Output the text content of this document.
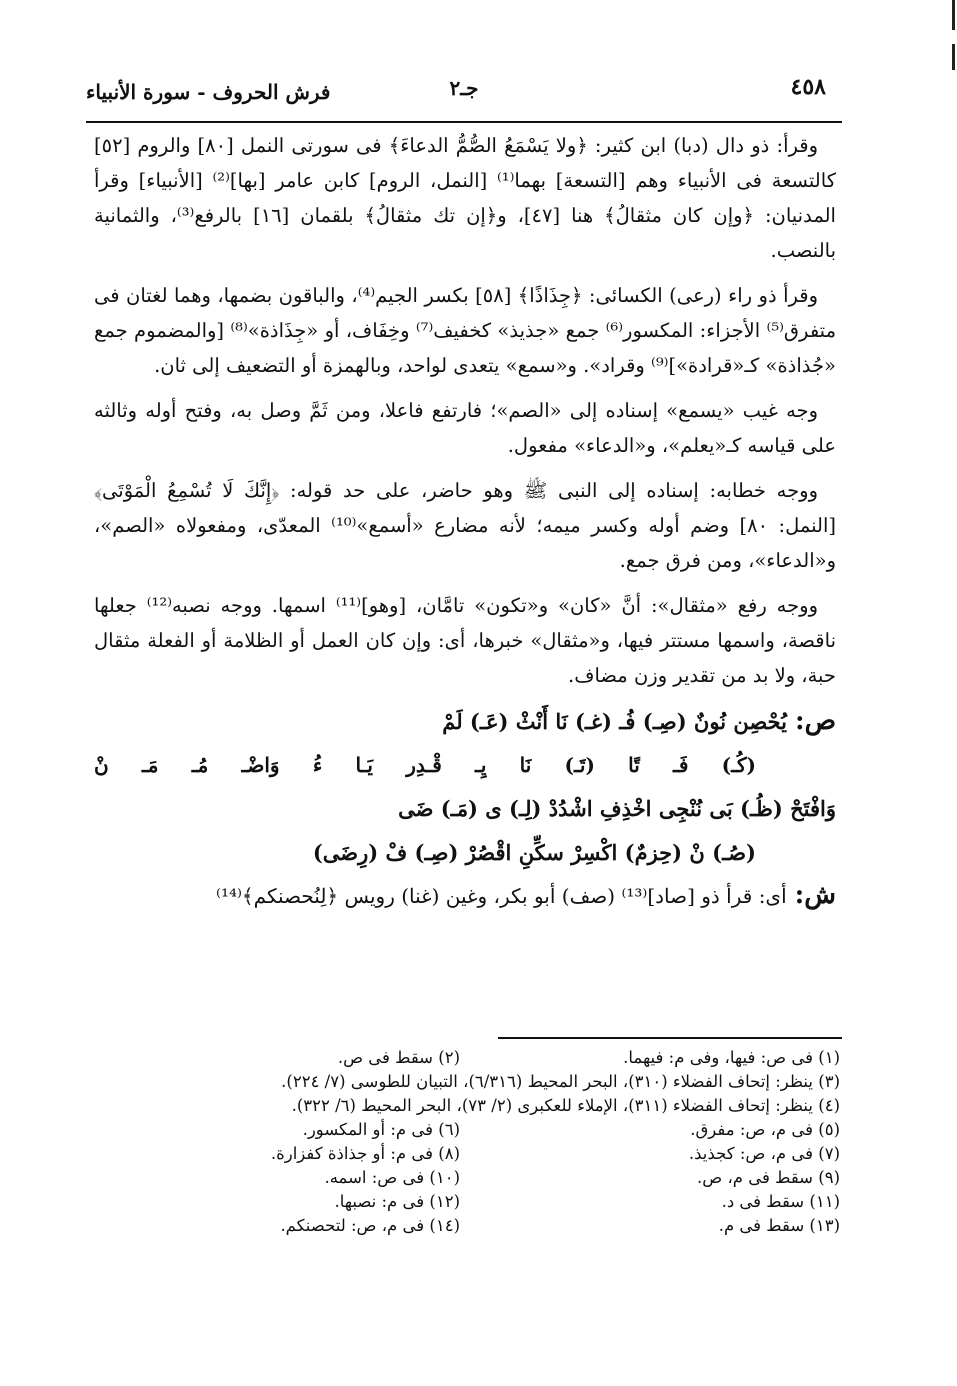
٤٥٨
جـ٢
فرش الحروف - سورة الأنبياء

وقرأ: ذو دال (دبا) ابن كثير: ﴿ولا يَسْمَعُ الصُّمُّ الدعاءَ﴾ فى سورتى النمل [٨٠] والروم [٥٢] كالتسعة فى الأنبياء وهم [التسعة] بهما⁽¹⁾ [النمل، الروم] كابن عامر [بها]⁽²⁾ [الأنبياء] وقرأ المدنيان: ﴿وإن كان مثقالُ﴾ هنا [٤٧]، و﴿إن تك مثقالُ﴾ بلقمان [١٦] بالرفع⁽³⁾، والثمانية بالنصب.

وقرأ ذو راء (رعى) الكسائى: ﴿جِذَاذًا﴾ [٥٨] بكسر الجيم⁽⁴⁾، والباقون بضمها، وهما لغتان فى متفرق⁽⁵⁾ الأجزاء: المكسور⁽⁶⁾ جمع «جذيذ» كخفيف⁽⁷⁾ وخِفَاف، أو «جِذَاذة»⁽⁸⁾ [والمضموم جمع «جُذاذة» كـ«قرادة»]⁽⁹⁾ وقراد». و«سمع» يتعدى لواحد، وبالهمزة أو التضعيف إلى ثان.

وجه غيب «يسمع» إسناده إلى «الصم»؛ فارتفع فاعلا، ومن ثَمَّ وصل به، وفتح أوله وثالثه على قياسه كـ«يعلم»، و«الدعاء» مفعول.

ووجه خطابه: إسناده إلى النبى ﷺ وهو حاضر، على حد قوله: ﴿إِنَّكَ لَا تُسْمِعُ الْمَوْتَى﴾ [النمل: ٨٠] وضم أوله وكسر ميمه؛ لأنه مضارع «أسمع»⁽¹⁰⁾ المعدّى، ومفعولاه «الصم»، و«الدعاء»، ومن فرق جمع.

ووجه رفع «مثقال»: أنَّ «كان» و«تكون» تامَّان، [وهو]⁽¹¹⁾ اسمها. ووجه نصبه⁽¹²⁾ جعلها ناقصة، واسمها مستتر فيها، و«مثقال» خبرها، أى: وإن كان العمل أو الظلامة أو الفعلة مثقال حبة، ولا بد من تقدير وزن مضاف.

ص:يُحْصِن نُونٌ (صِـ) فُـ (غـ) نَا أَنْثْ (عَـ) لَمْ
(كُـ) فَـ تًا (تَـ) نَا يِـ قْـدِر يَـا ءُ وَاضْـ مُـ مَـ نْ
وَافْتَحْ (ظُـ) بَى نُنْجِى اخْذِفِ اشْدُدْ (لِـ) ى (مَـ) ضَى
(صُـ) نْ (حِزمٌ) اكْسِرْ سكِّنِ اقْصُرْ (صِـ) فْ (رِضَى)

ش:أى: قرأ ذو [صاد]⁽¹³⁾ (صف) أبو بكر، وغين (غنا) رويس ﴿لِنُحصنكم﴾⁽¹⁴⁾

(١) فى ص: فيها، وفى م: فيهما.
(٢) سقط فى ص.
(٣) ينظر: إتحاف الفضلاء (٣١٠)، البحر المحيط (٦/٣١٦)، التبيان للطوسى (٧/ ٢٢٤).
(٤) ينظر: إتحاف الفضلاء (٣١١)، الإملاء للعكبرى (٢/ ٧٣)، البحر المحيط (٦/ ٣٢٢).
(٥) فى م، ص: مفرق.
(٦) فى م: أو المكسور.
(٧) فى م، ص: كجذيذ.
(٨) فى م: أو جذاذة كفزارة.
(٩) سقط فى م، ص.
(١٠) فى ص: اسمه.
(١١) سقط فى د.
(١٢) فى م: نصبها.
(١٣) سقط فى م.
(١٤) فى م، ص: لتحصنكم.
